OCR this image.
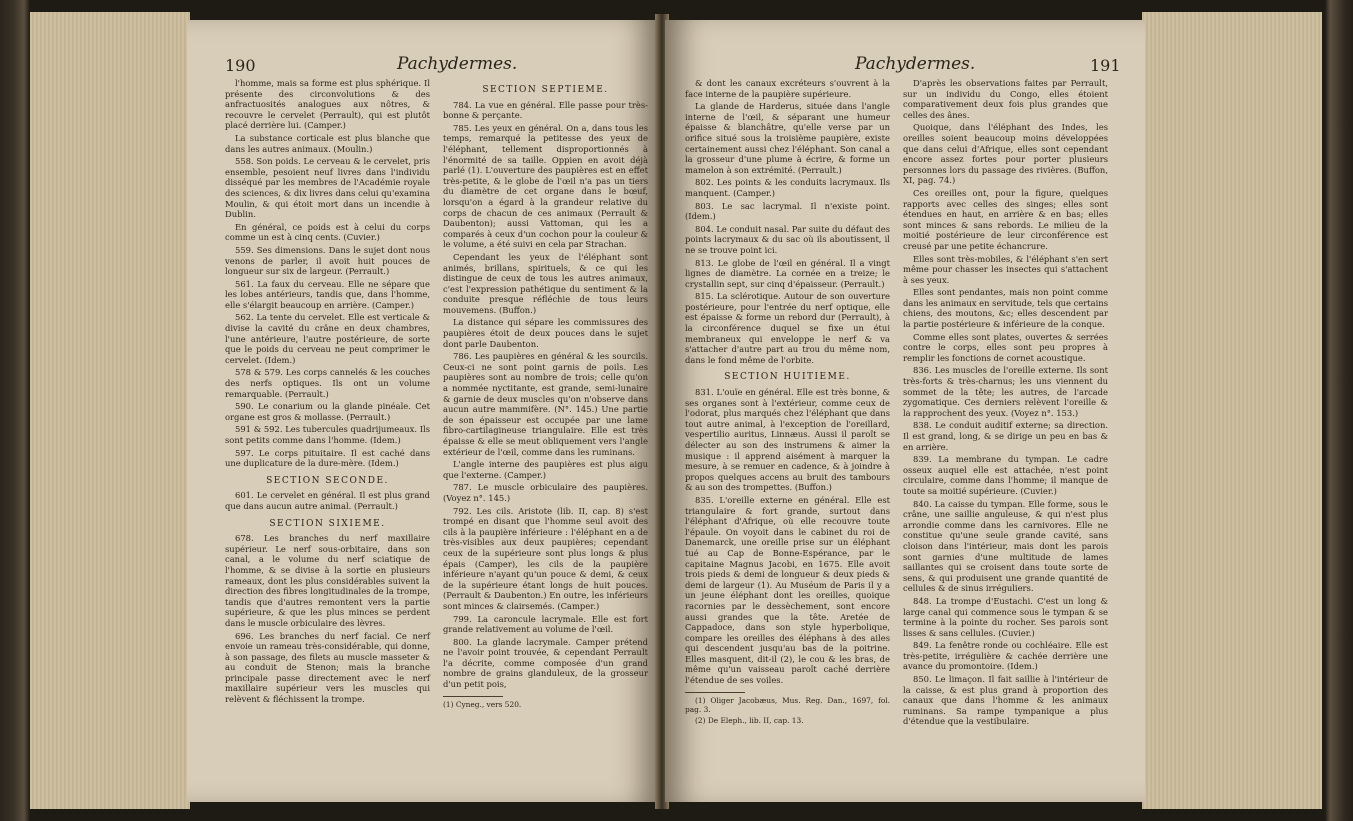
190	Pachydermes.

l'homme, mais sa forme est plus sphérique. Il présente des circonvolutions & des anfractuosités analogues aux nôtres, & recouvre le cervelet (Perrault), qui est plutôt placé derrière lui. (Camper.)

La substance corticale est plus blanche que dans les autres animaux. (Moulin.)

558. Son poids. Le cerveau & le cervelet, pris ensemble, pesoient neuf livres dans l'individu disséqué par les membres de l'Académie royale des sciences, & dix livres dans celui qu'examina Moulin, & qui étoit mort dans un incendie à Dublin.

En général, ce poids est à celui du corps comme un est à cinq cents. (Cuvier.)

559. Ses dimensions. Dans le sujet dont nous venons de parler, il avoit huit pouces de longueur sur six de largeur. (Perrault.)

561. La faux du cerveau. Elle ne sépare que les lobes antérieurs, tandis que, dans l'homme, elle s'élargit beaucoup en arrière. (Camper.)

562. La tente du cervelet. Elle est verticale & divise la cavité du crâne en deux chambres, l'une antérieure, l'autre postérieure, de sorte que le poids du cerveau ne peut comprimer le cervelet. (Idem.)

578 & 579. Les corps cannelés & les couches des nerfs optiques. Ils ont un volume remarquable. (Perrault.)

590. Le conarium ou la glande pinéale. Cet organe est gros & mollasse. (Perrault.)

591 & 592. Les tubercules quadrijumeaux. Ils sont petits comme dans l'homme. (Idem.)

597. Le corps pituitaire. Il est caché dans une duplicature de la dure-mère. (Idem.)

SECTION SECONDE.

601. Le cervelet en général. Il est plus grand que dans aucun autre animal. (Perrault.)

SECTION SIXIEME.

678. Les branches du nerf maxillaire supérieur. Le nerf sous-orbitaire, dans son canal, a le volume du nerf sciatique de l'homme, & se divise à la sortie en plusieurs rameaux, dont les plus considérables suivent la direction des fibres longitudinales de la trompe, tandis que d'autres remontent vers la partie supérieure, & que les plus minces se perdent dans le muscle orbiculaire des lèvres.

696. Les branches du nerf facial. Ce nerf envoie un rameau très-considérable, qui donne, à son passage, des filets au muscle masseter & au conduit de Stenon; mais la branche principale passe directement avec le nerf maxillaire supérieur vers les muscles qui relèvent & fléchissent la trompe.

SECTION SEPTIEME.

784. La vue en général. Elle passe pour très-bonne & perçante.

785. Les yeux en général. On a, dans tous les temps, remarqué la petitesse des yeux de l'éléphant, tellement disproportionnés à l'énormité de sa taille. Oppien en avoit déjà parlé (1). L'ouverture des paupières est en effet très-petite, & le globe de l'œil n'a pas un tiers du diamètre de cet organe dans le bœuf, lorsqu'on a égard à la grandeur relative du corps de chacun de ces animaux (Perrault & Daubenton); aussi Vattoman, qui les a comparés à ceux d'un cochon pour la couleur & le volume, a été suivi en cela par Strachan.

Cependant les yeux de l'éléphant sont animés, brillans, spirituels, & ce qui les distingue de ceux de tous les autres animaux, c'est l'expression pathétique du sentiment & la conduite presque réfléchie de tous leurs mouvemens. (Buffon.)

La distance qui sépare les commissures des paupières étoit de deux pouces dans le sujet dont parle Daubenton.

786. Les paupières en général & les sourcils. Ceux-ci ne sont point garnis de poils. Les paupières sont au nombre de trois; celle qu'on a nommée nyctitante, est grande, semi-lunaire & garnie de deux muscles qu'on n'observe dans aucun autre mammifère. (N°. 145.) Une partie de son épaisseur est occupée par une lame fibro-cartilagineuse triangulaire. Elle est très épaisse & elle se meut obliquement vers l'angle extérieur de l'œil, comme dans les ruminans.

L'angle interne des paupières est plus aigu que l'externe. (Camper.)

787. Le muscle orbiculaire des paupières. (Voyez n°. 145.)

792. Les cils. Aristote (lib. II, cap. 8) s'est trompé en disant que l'homme seul avoit des cils à la paupière inférieure : l'éléphant en a de très-visibles aux deux paupières; cependant ceux de la supérieure sont plus longs & plus épais (Camper), les cils de la paupière inférieure n'ayant qu'un pouce & demi, & ceux de la supérieure étant longs de huit pouces. (Perrault & Daubenton.) En outre, les inférieurs sont minces & clairsemés. (Camper.)

799. La caroncule lacrymale. Elle est fort grande relativement au volume de l'œil.

800. La glande lacrymale. Camper prétend ne l'avoir point trouvée, & cependant Perrault l'a décrite, comme composée d'un grand nombre de grains glanduleux, de la grosseur d'un petit pois,

(1) Cyneg., vers 520.
Pachydermes.	191

& dont les canaux excréteurs s'ouvrent à la face interne de la paupière supérieure.

La glande de Harderus, située dans l'angle interne de l'œil, & séparant une humeur épaisse & blanchâtre, qu'elle verse par un orifice situé sous la troisième paupière, existe certainement aussi chez l'éléphant. Son canal a la grosseur d'une plume à écrire, & forme un mamelon à son extrémité. (Perrault.)

802. Les points & les conduits lacrymaux. Ils manquent. (Camper.)

803. Le sac lacrymal. Il n'existe point. (Idem.)

804. Le conduit nasal. Par suite du défaut des points lacrymaux & du sac où ils aboutissent, il ne se trouve point ici.

813. Le globe de l'œil en général. Il a vingt lignes de diamètre. La cornée en a treize; le crystallin sept, sur cinq d'épaisseur. (Perrault.)

815. La sclérotique. Autour de son ouverture postérieure, pour l'entrée du nerf optique, elle est épaisse & forme un rebord dur (Perrault), à la circonférence duquel se fixe un étui membraneux qui enveloppe le nerf & va s'attacher d'autre part au trou du même nom, dans le fond même de l'orbite.

SECTION HUITIEME.

831. L'ouïe en général. Elle est très bonne, & ses organes sont à l'extérieur, comme ceux de l'odorat, plus marqués chez l'éléphant que dans tout autre animal, à l'exception de l'oreillard, vespertilio auritus, Linnæus. Aussi il paroît se délecter au son des instrumens & aimer la musique : il apprend aisément à marquer la mesure, à se remuer en cadence, & à joindre à propos quelques accens au bruit des tambours & au son des trompettes. (Buffon.)

835. L'oreille externe en général. Elle est triangulaire & fort grande, surtout dans l'éléphant d'Afrique, où elle recouvre toute l'épaule. On voyoit dans le cabinet du roi de Danemarck, une oreille prise sur un éléphant tué au Cap de Bonne-Espérance, par le capitaine Magnus Jacobi, en 1675. Elle avoit trois pieds & demi de longueur & deux pieds & demi de largeur (1). Au Muséum de Paris il y a un jeune éléphant dont les oreilles, quoique racornies par le dessèchement, sont encore aussi grandes que la tête. Aretée de Cappadoce, dans son style hyperbolique, compare les oreilles des éléphans à des ailes qui descendent jusqu'au bas de la poitrine. Elles masquent, dit-il (2), le cou & les bras, de même qu'un vaisseau paroît caché derrière l'étendue de ses voiles.

(1) Oliger Jacobæus, Mus. Reg. Dan., 1697, fol. pag. 3.

(2) De Eleph., lib. II, cap. 13.

D'après les observations faites par Perrault, sur un individu du Congo, elles étoient comparativement deux fois plus grandes que celles des ânes.

Quoique, dans l'éléphant des Indes, les oreilles soient beaucoup moins développées que dans celui d'Afrique, elles sont cependant encore assez fortes pour porter plusieurs personnes lors du passage des rivières. (Buffon, XI, pag. 74.)

Ces oreilles ont, pour la figure, quelques rapports avec celles des singes; elles sont étendues en haut, en arrière & en bas; elles sont minces & sans rebords. Le milieu de la moitié postérieure de leur circonférence est creusé par une petite échancrure.

Elles sont très-mobiles, & l'éléphant s'en sert même pour chasser les insectes qui s'attachent à ses yeux.

Elles sont pendantes, mais non point comme dans les animaux en servitude, tels que certains chiens, des moutons, &c; elles descendent par la partie postérieure & inférieure de la conque.

Comme elles sont plates, ouvertes & serrées contre le corps, elles sont peu propres à remplir les fonctions de cornet acoustique.

836. Les muscles de l'oreille externe. Ils sont très-forts & très-charnus; les uns viennent du sommet de la tête; les autres, de l'arcade zygomatique. Ces derniers relèvent l'oreille & la rapprochent des yeux. (Voyez n°. 153.)

838. Le conduit auditif externe; sa direction. Il est grand, long, & se dirige un peu en bas & en arrière.

839. La membrane du tympan. Le cadre osseux auquel elle est attachée, n'est point circulaire, comme dans l'homme; il manque de toute sa moitié supérieure. (Cuvier.)

840. La caisse du tympan. Elle forme, sous le crâne, une saillie anguleuse, & qui n'est plus arrondie comme dans les carnivores. Elle ne constitue qu'une seule grande cavité, sans cloison dans l'intérieur, mais dont les parois sont garnies d'une multitude de lames saillantes qui se croisent dans toute sorte de sens, & qui produisent une grande quantité de cellules & de sinus irréguliers.

848. La trompe d'Eustachi. C'est un long & large canal qui commence sous le tympan & se termine à la pointe du rocher. Ses parois sont lisses & sans cellules. (Cuvier.)

849. La fenêtre ronde ou cochléaire. Elle est très-petite, irrégulière & cachée derrière une avance du promontoire. (Idem.)

850. Le limaçon. Il fait saillie à l'intérieur de la caisse, & est plus grand à proportion des canaux que dans l'homme & les animaux ruminans. Sa rampe tympanique a plus d'étendue que la vestibulaire.
